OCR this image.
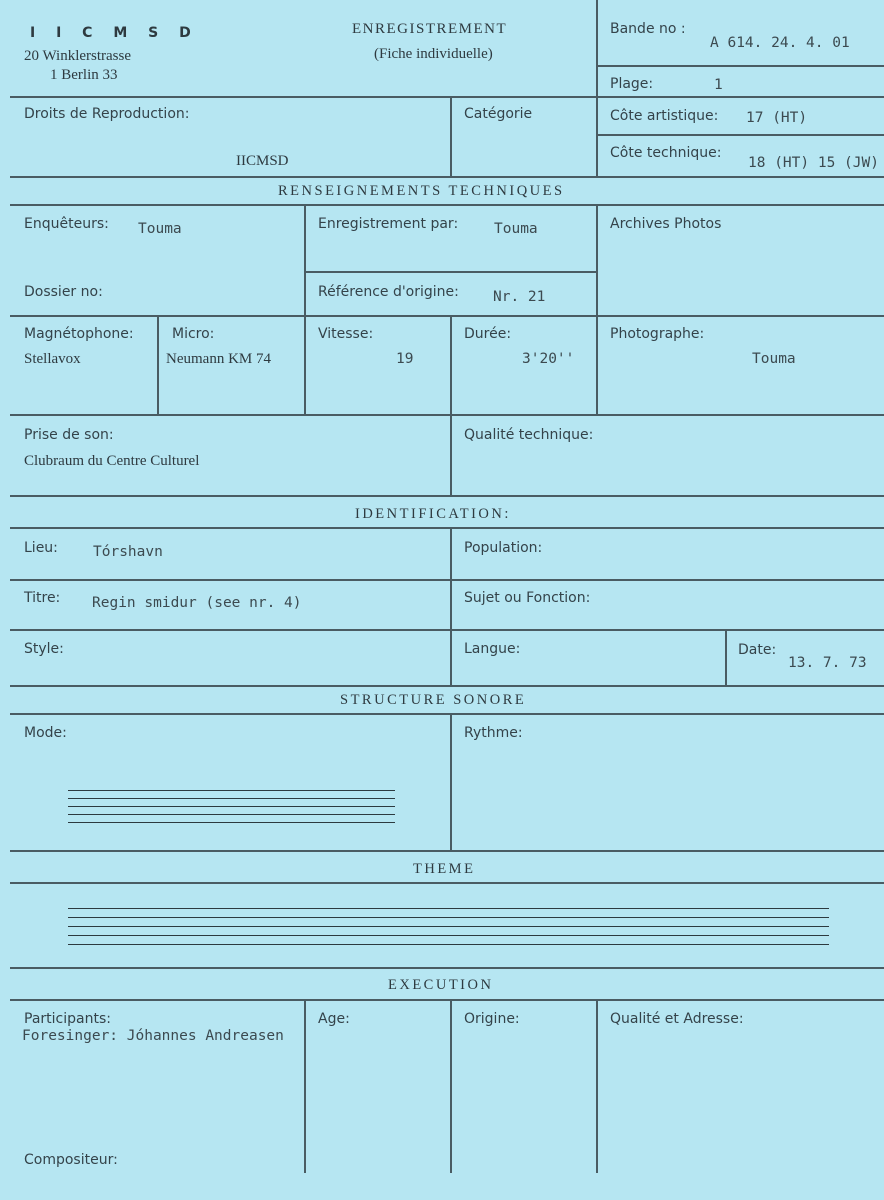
I I C M S D
20 Winklerstrasse
1 Berlin 33
ENREGISTREMENT
(Fiche individuelle)
Bande no :
A 614. 24. 4. 01
Plage:	1
Droits de Reproduction:
IICMSD
Catégorie	Côte artistique: 17 (HT)
Côte technique:
18 (HT) 15 (JW)
RENSEIGNEMENTS TECHNIQUES
Enquêteurs: Touma	Enregistrement par: Touma	Archives Photos
Dossier no:	Référence d'origine: Nr. 21
Magnétophone:
Stellavox
Micro:
Neumann KM 74
Vitesse:
19
Durée:
3'20''
Photographe:
Touma
Prise de son:
Clubraum du Centre Culturel
Qualité technique:
IDENTIFICATION:
Lieu: Tórshavn	Population:
Titre: Regin smidur (see nr. 4)	Sujet ou Fonction:
Style:	Langue:	Date:
13. 7. 73
STRUCTURE SONORE
Mode:	Rythme:
THEME
EXECUTION
Participants:
Foresinger: Jóhannes Andreasen
Age:	Origine:	Qualité et Adresse:
Compositeur:
